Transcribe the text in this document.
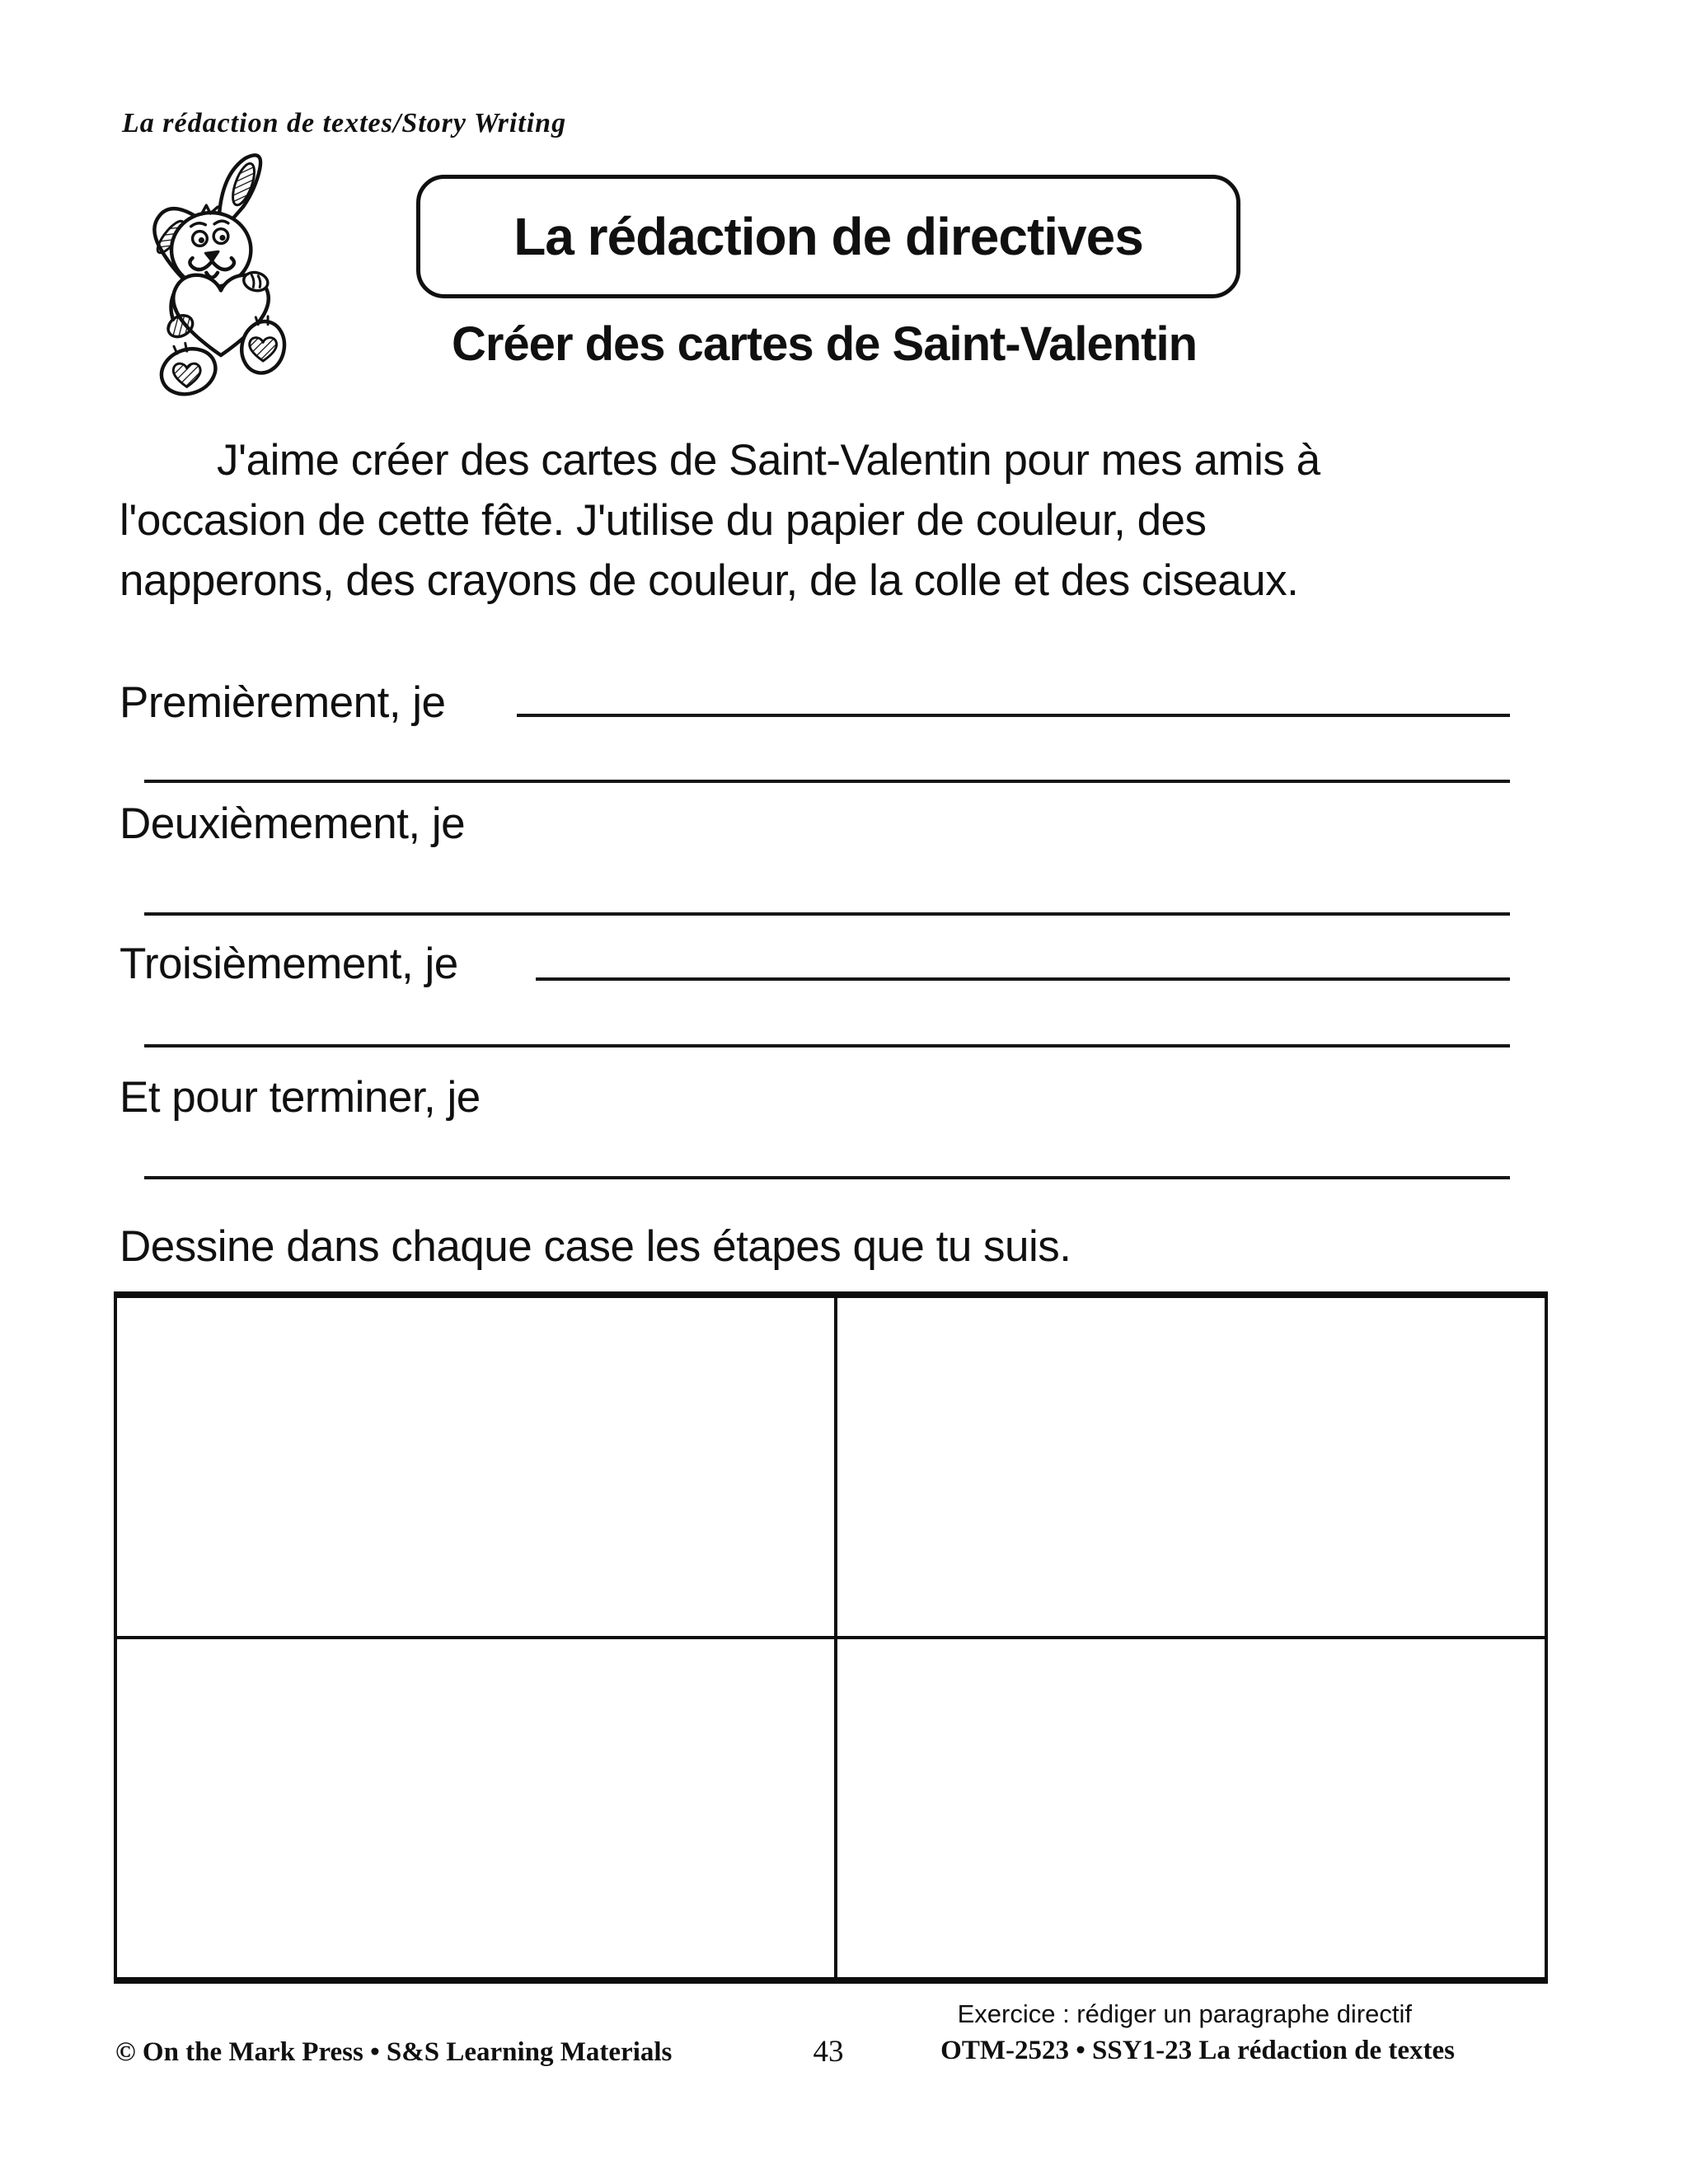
La rédaction de textes/Story Writing
La rédaction de directives
Créer des cartes de Saint-Valentin
J'aime créer des cartes de Saint-Valentin pour mes amis à
l'occasion de cette fête. J'utilise du papier de couleur, des
napperons, des crayons de couleur, de la colle et des ciseaux.
Premièrement, je
Deuxièmement, je
Troisièmement, je
Et pour terminer, je
Dessine dans chaque case les étapes que tu suis.
Exercice : rédiger un paragraphe directif
© On the Mark Press • S&S Learning Materials	43	OTM-2523 • SSY1-23 La rédaction de textes
